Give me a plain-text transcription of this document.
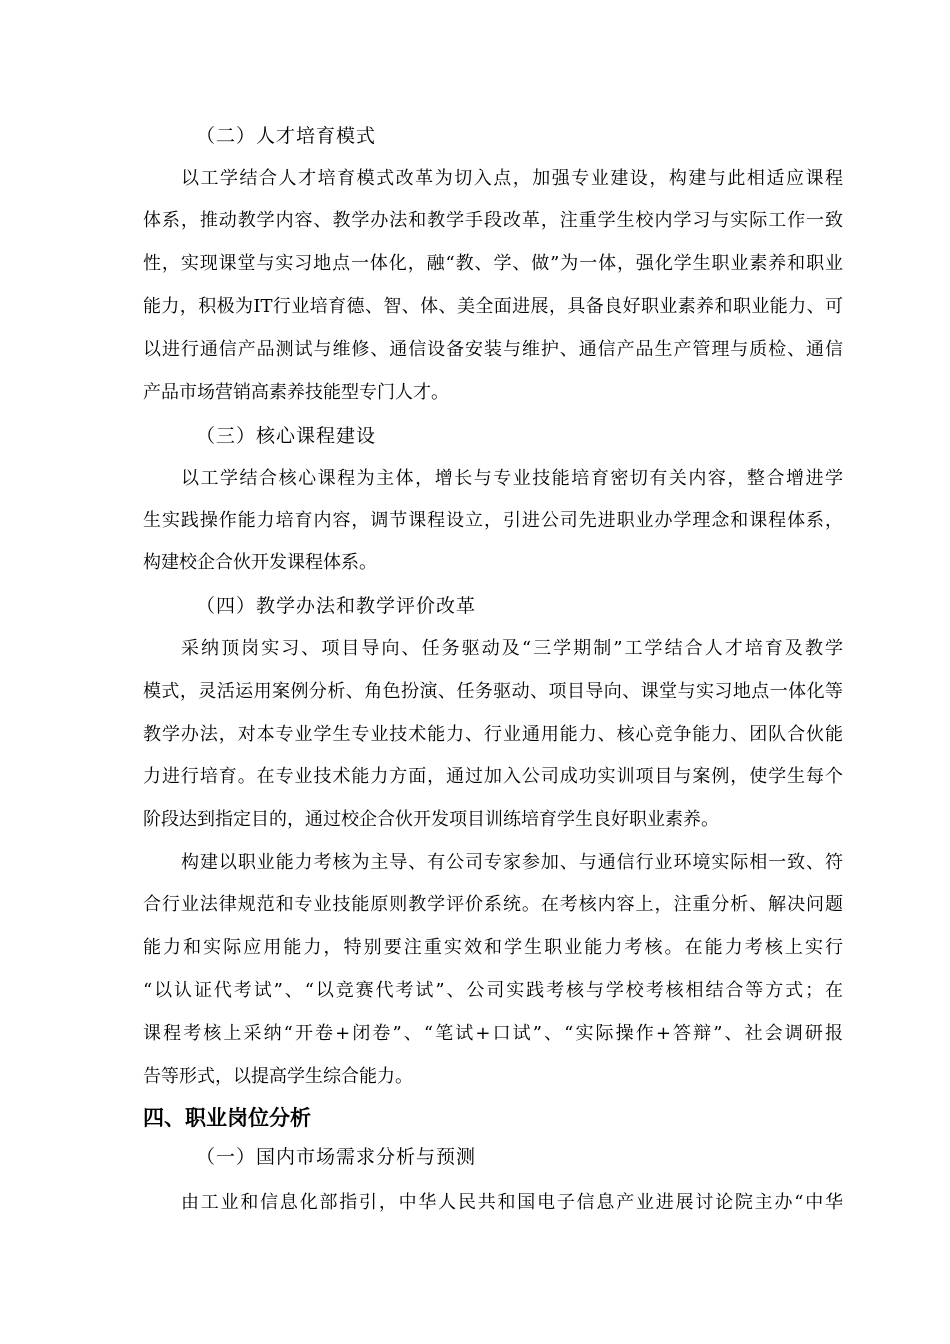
（二）人才培育模式
以工学结合人才培育模式改革为切入点，加强专业建设，构建与此相适应课程
体系，推动教学内容、教学办法和教学手段改革，注重学生校内学习与实际工作一致
性，实现课堂与实习地点一体化，融“教、学、做”为一体，强化学生职业素养和职业
能力，积极为IT行业培育德、智、体、美全面进展，具备良好职业素养和职业能力、可
以进行通信产品测试与维修、通信设备安装与维护、通信产品生产管理与质检、通信
产品市场营销高素养技能型专门人才。
（三）核心课程建设
以工学结合核心课程为主体，增长与专业技能培育密切有关内容，整合增进学
生实践操作能力培育内容，调节课程设立，引进公司先进职业办学理念和课程体系，
构建校企合伙开发课程体系。
（四）教学办法和教学评价改革
采纳顶岗实习、项目导向、任务驱动及“三学期制”工学结合人才培育及教学
模式，灵活运用案例分析、角色扮演、任务驱动、项目导向、课堂与实习地点一体化等
教学办法，对本专业学生专业技术能力、行业通用能力、核心竞争能力、团队合伙能
力进行培育。在专业技术能力方面，通过加入公司成功实训项目与案例，使学生每个
阶段达到指定目的，通过校企合伙开发项目训练培育学生良好职业素养。
构建以职业能力考核为主导、有公司专家参加、与通信行业环境实际相一致、符
合行业法律规范和专业技能原则教学评价系统。在考核内容上，注重分析、解决问题
能力和实际应用能力，特别要注重实效和学生职业能力考核。在能力考核上实行
“以认证代考试”、“以竞赛代考试”、公司实践考核与学校考核相结合等方式；在
课程考核上采纳“开卷+闭卷”、“笔试+口试”、“实际操作+答辩”、社会调研报
告等形式，以提高学生综合能力。
四、职业岗位分析
（一）国内市场需求分析与预测
由工业和信息化部指引，中华人民共和国电子信息产业进展讨论院主办“中华
